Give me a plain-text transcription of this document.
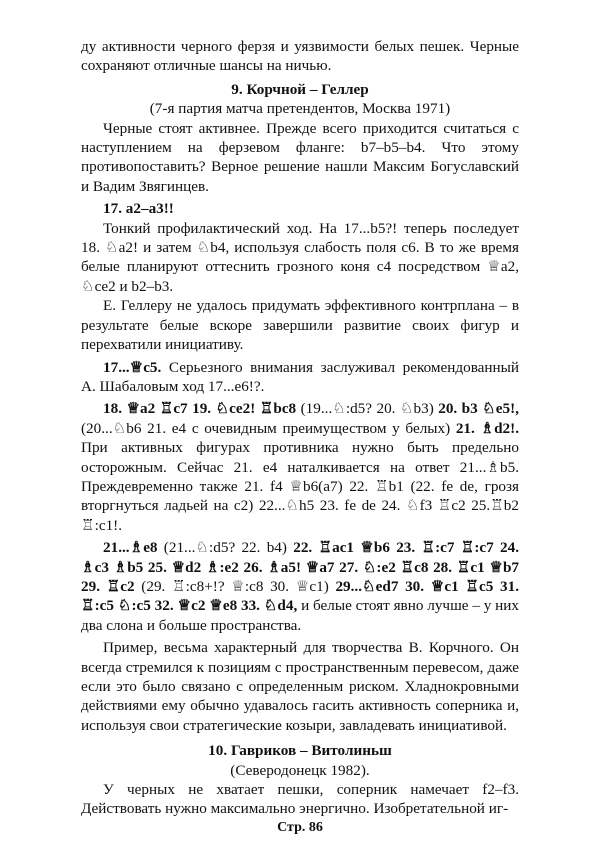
ду активности черного ферзя и уязвимости белых пешек. Черные сохраняют отличные шансы на ничью.

9. Корчной – Геллер
(7-я партия матча претендентов, Москва 1971)

Черные стоят активнее. Прежде всего приходится считаться с наступлением на ферзевом фланге: b7–b5–b4. Что этому противопоставить? Верное решение нашли Максим Богуславский и Вадим Звягинцев.

17. a2–a3!!

Тонкий профилактический ход. На 17...b5?! теперь последует 18. ♘a2! и затем ♘b4, используя слабость поля c6. В то же время белые планируют оттеснить грозного коня c4 посредством ♕a2, ♘ce2 и b2–b3.

Е. Геллеру не удалось придумать эффективного контрплана – в результате белые вскоре завершили развитие своих фигур и перехватили инициативу.

17...♕c5. Серьезного внимания заслуживал рекомендованный А. Шабаловым ход 17...e6!?.

18. ♕a2 ♖c7 19. ♘ce2! ♖bc8 (19...♘:d5? 20. ♘b3) 20. b3 ♘e5!, (20...♘b6 21. e4 с очевидным преимуществом у белых) 21. ♗d2!. При активных фигурах противника нужно быть предельно осторожным. Сейчас 21. e4 наталкивается на ответ 21...♗b5. Преждевременно также 21. f4 ♕b6(a7) 22. ♖b1 (22. fe de, грозя вторгнуться ладьей на c2) 22...♘h5 23. fe de 24. ♘f3 ♖c2 25.♖b2 ♖:c1!.

21...♗e8 (21...♘:d5? 22. b4) 22. ♖ac1 ♕b6 23. ♖:c7 ♖:c7 24. ♗c3 ♗b5 25. ♕d2 ♗:e2 26. ♗a5! ♕a7 27. ♘:e2 ♖c8 28. ♖c1 ♕b7 29. ♖c2 (29. ♖:c8+!? ♕:c8 30. ♕c1) 29...♘ed7 30. ♕c1 ♖c5 31. ♖:c5 ♘:c5 32. ♕c2 ♕e8 33. ♘d4, и белые стоят явно лучше – у них два слона и больше пространства.

Пример, весьма характерный для творчества В. Корчного. Он всегда стремился к позициям с пространственным перевесом, даже если это было связано с определенным риском. Хладнокровными действиями ему обычно удавалось гасить активность соперника и, используя свои стратегические козыри, завладевать инициативой.

10. Гавриков – Витолиньш
(Северодонецк 1982).

У черных не хватает пешки, соперник намечает f2–f3. Действовать нужно максимально энергично. Изобретательной иг-

Стр. 86
